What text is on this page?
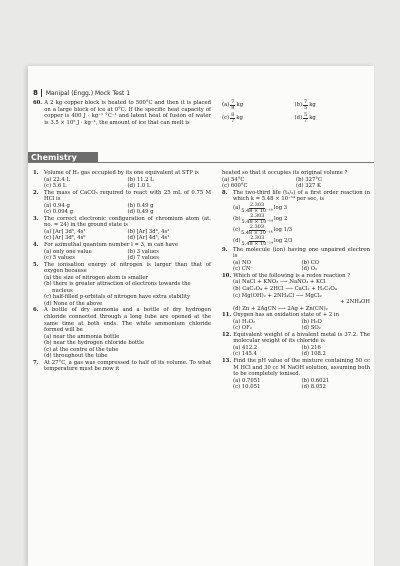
8	Manipal (Engg.) Mock Test 1
60. A 2 kg copper block is heated to 500°C and then it is placed on a large block of ice at 0°C. If the specific heat capacity of copper is 400 J · kg⁻¹ °C⁻¹ and latent heat of fusion of water is 3.5 × 10⁵ J · kg⁻¹, the amount of ice that can melt is
$(a) \frac{7}{8}$ kg	$(b) \frac{7}{5}$ kg
$(c) \frac{8}{7}$ kg	$(d) \frac{5}{7}$ kg
Chemistry
1.	Volume of H₂ gas occupied by its one equivalent at STP is
(a) 22.4 L	(b) 11.2 L
(c) 5.6 L	(d) 1.0 L
2.	The mass of CaCO₃ required to react with 25 mL of 0.75 M HCl is
(a) 0.94 g	(b) 0.49 g
(c) 0.094 g	(d) 0.49 g
3.	The correct electronic configuration of chromium atom (at. no. = 24) in the ground state is
(a) [Ar] 3d⁵, 4s¹	(b) [Ar] 3d⁴, 4s²
(c) [Ar] 3d⁶, 4s⁰	(d) [Ar] 4d⁵, 4s¹
4.	For azimuthal quantum number l = 3, m can have
(a) only one value	(b) 3 values
(c) 5 values	(d) 7 values
5.	The ionisation energy of nitrogen is larger than that of oxygen because
(a) the size of nitrogen atom is smaller
(b) there is greater attraction of electrons towards the nucleus
(c) half-filled p-orbitals of nitrogen have extra stability
(d) None of the above
6.	A bottle of dry ammonia and a bottle of dry hydrogen chloride connected through a long tube are opened at the same time at both ends. The white ammonium chloride formed will be
(a) near the ammonia bottle
(b) near the hydrogen chloride bottle
(c) at the centre of the tube
(d) throughout the tube
7.	At 27°C, a gas was compressed to half of its volume. To what temperature must be now it
heated so that it occupies its original volume ?
(a) 54°C	(b) 327°C
(c) 600°C	(d) 327 K
8.	The two-third life (t₂/₃) of a first order reaction in which k = 5.48 × 10⁻¹⁴ per sec, is
$(a) \frac{2.303}{\text{5.48 × 10⁻¹⁴}}$ log 3
$(b) \frac{2.303}{\text{5.48 × 10⁻¹⁴}}$ log 2
$(c) \frac{2.303}{\text{5.48 × 10⁻¹⁴}}$ log 1/3
$(d) \frac{2.303}{\text{5.48 × 10⁻¹⁴}}$ log 2/3
9.	The molecule (ion) having one unpaired electron is
(a) NO	(b) CO
(c) CN⁻	(d) O₂
10. Which of the following is a redox reaction ?
(a) NaCl + KNO₃ ⟶ NaNO₃ + KCl
(b) CaC₂O₄ + 2HCl ⟶ CaCl₂ + H₂C₂O₄
(c) Mg(OH)₂ + 2NH₄Cl ⟶ MgCl₂
+ 2NH₄OH
(d) Zn + 2AgCN ⟶ 2Ag + Zn(CN)₂
11. Oxygen has an oxidation state of + 2 in
(a) H₂O₂	(b) H₂O
(c) OF₂	(d) SO₂
12. Equivalent weight of a bivalent metal is 37.2. The molecular weight of its chloride is
(a) 412.2	(b) 216
(c) 145.4	(d) 108.2
13. Find the pH value of the mixture containing 50 cc M HCl and 30 cc M NaOH solution, assuming both to be completely ionised.
(a) 0.7051	(b) 0.6021
(c) 10.051	(d) 8.052
